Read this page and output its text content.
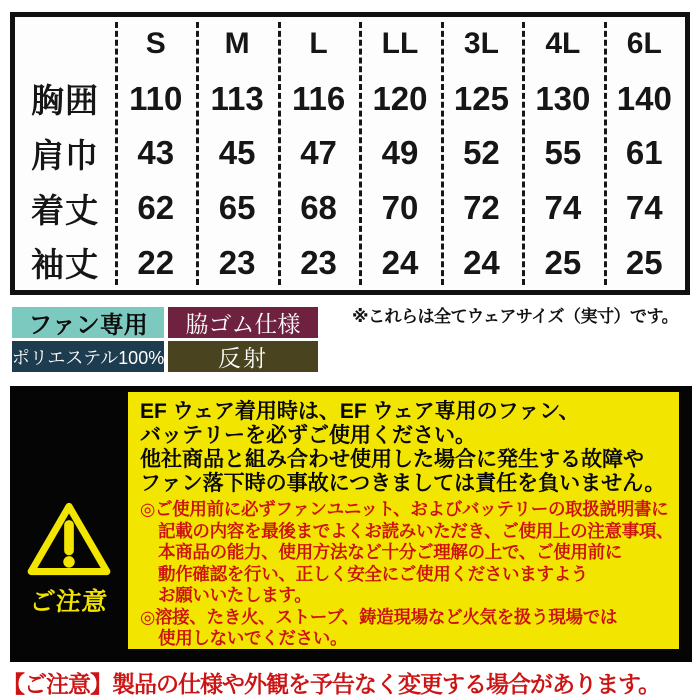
S	M	L	LL	3L	4L	6L
胸囲 110 113 116 120 125 130 140
肩巾	43	45	47	49	52	55	61
着丈	62	65	68	70	72	74	74
袖丈	22	23	23	24	24	25	25
ファン専用	脇ゴム仕様
ポリエステル100%	反射
※これらは全てウェアサイズ（実寸）です。
ご注意
EF ウェア着用時は、EF ウェア専用のファン、
バッテリーを必ずご使用ください。
他社商品と組み合わせ使用した場合に発生する故障や
ファン落下時の事故につきましては責任を負いません。
◎ご使用前に必ずファンユニット、およびバッテリーの取扱説明書に
記載の内容を最後までよくお読みいただき、ご使用上の注意事項、
本商品の能力、使用方法など十分ご理解の上で、ご使用前に
動作確認を行い、正しく安全にご使用くださいますよう
お願いいたします。
◎溶接、たき火、ストーブ、鋳造現場など火気を扱う現場では
使用しないでください。
【ご注意】製品の仕様や外観を予告なく変更する場合があります。
